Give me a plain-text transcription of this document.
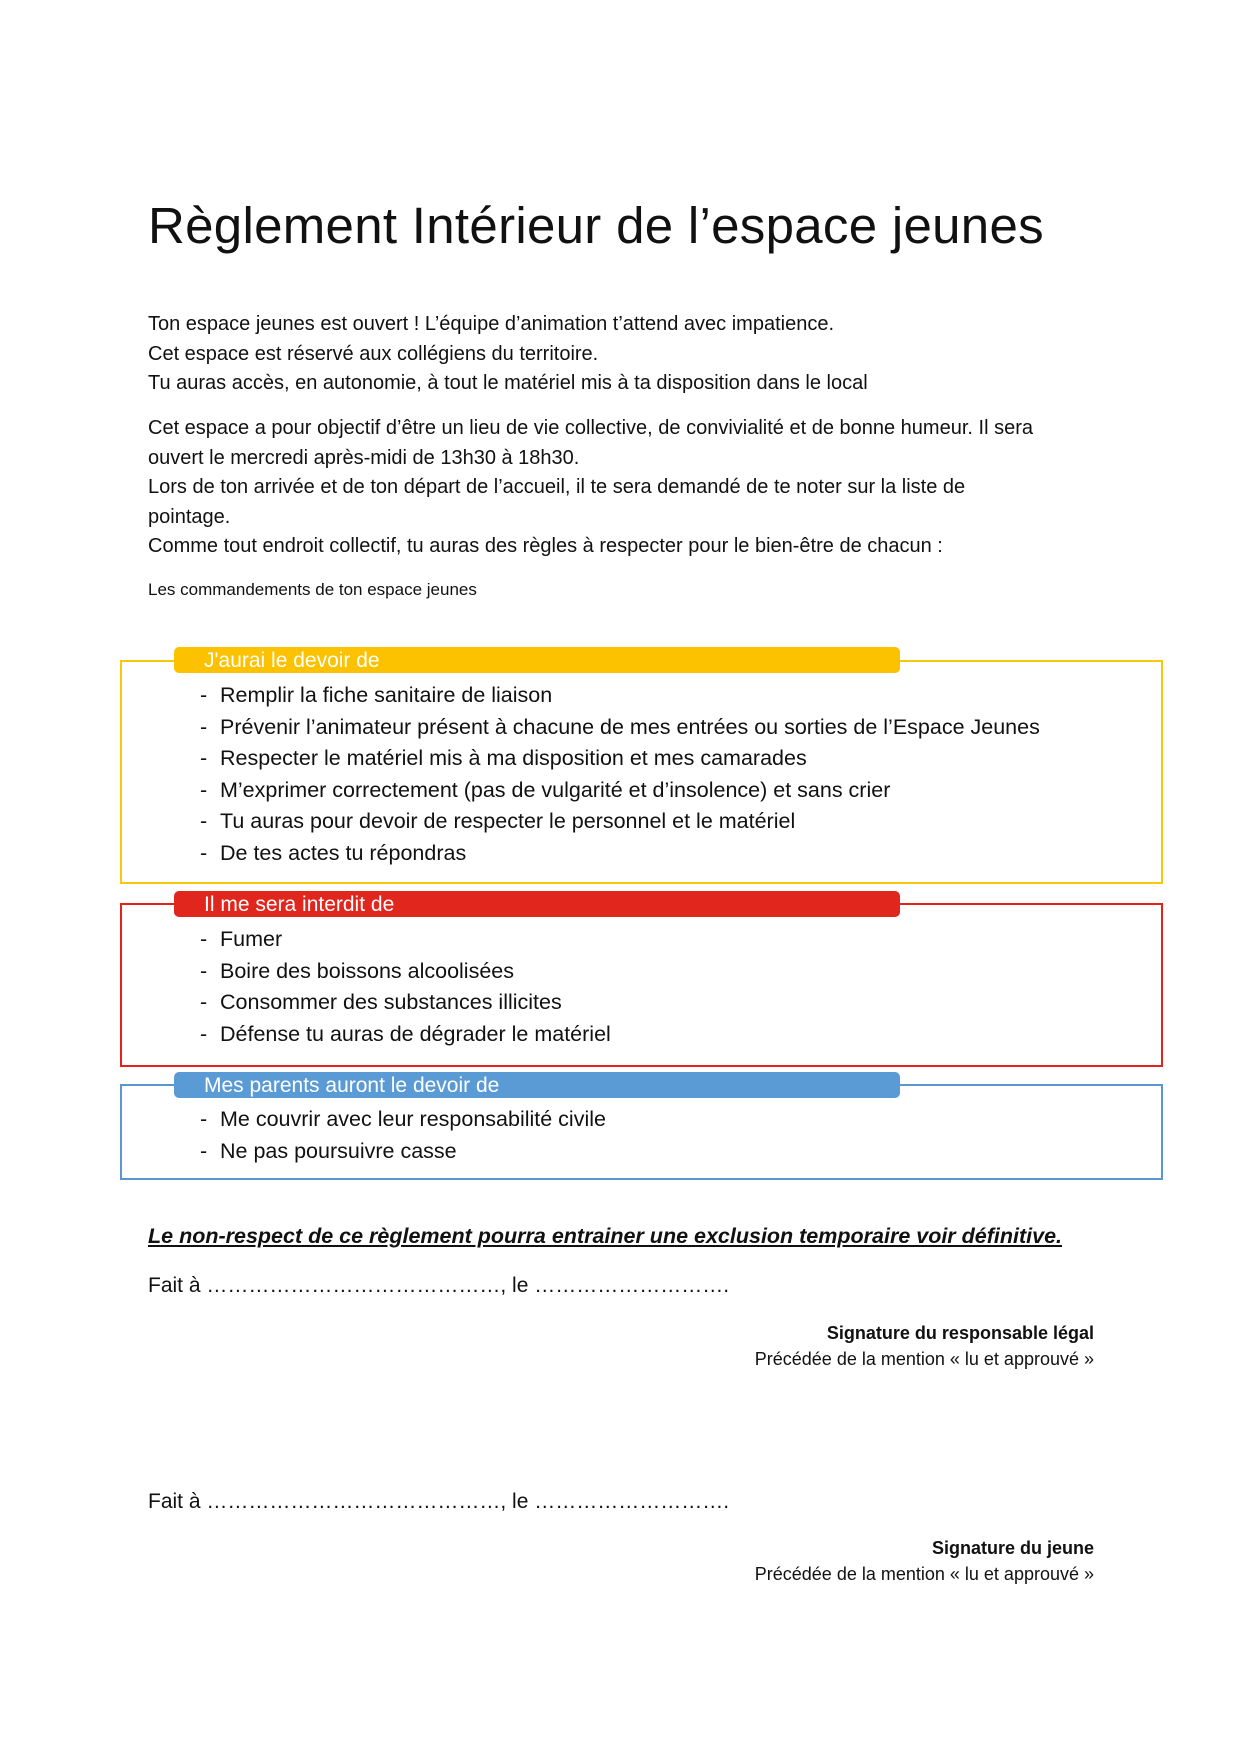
Règlement Intérieur de l’espace jeunes

Ton espace jeunes est ouvert ! L’équipe d’animation t’attend avec impatience.
Cet espace est réservé aux collégiens du territoire.
Tu auras accès, en autonomie, à tout le matériel mis à ta disposition dans le local

Cet espace a pour objectif d’être un lieu de vie collective, de convivialité et de bonne humeur. Il sera
ouvert le mercredi après-midi de 13h30 à 18h30.
Lors de ton arrivée et de ton départ de l’accueil, il te sera demandé de te noter sur la liste de
pointage.
Comme tout endroit collectif, tu auras des règles à respecter pour le bien-être de chacun :

Les commandements de ton espace jeunes

J'aurai le devoir de
- Remplir la fiche sanitaire de liaison
- Prévenir l’animateur présent à chacune de mes entrées ou sorties de l’Espace Jeunes
- Respecter le matériel mis à ma disposition et mes camarades
- M’exprimer correctement (pas de vulgarité et d’insolence) et sans crier
- Tu auras pour devoir de respecter le personnel et le matériel
- De tes actes tu répondras
Il me sera interdit de
- Fumer
- Boire des boissons alcoolisées
- Consommer des substances illicites
- Défense tu auras de dégrader le matériel
Mes parents auront le devoir de
- Me couvrir avec leur responsabilité civile
- Ne pas poursuivre casse

Le non-respect de ce règlement pourra entrainer une exclusion temporaire voir définitive.

Fait à ……………………………………, le ……………………….

Signature du responsable légal
Précédée de la mention « lu et approuvé »

Fait à ……………………………………, le ……………………….

Signature du jeune
Précédée de la mention « lu et approuvé »
